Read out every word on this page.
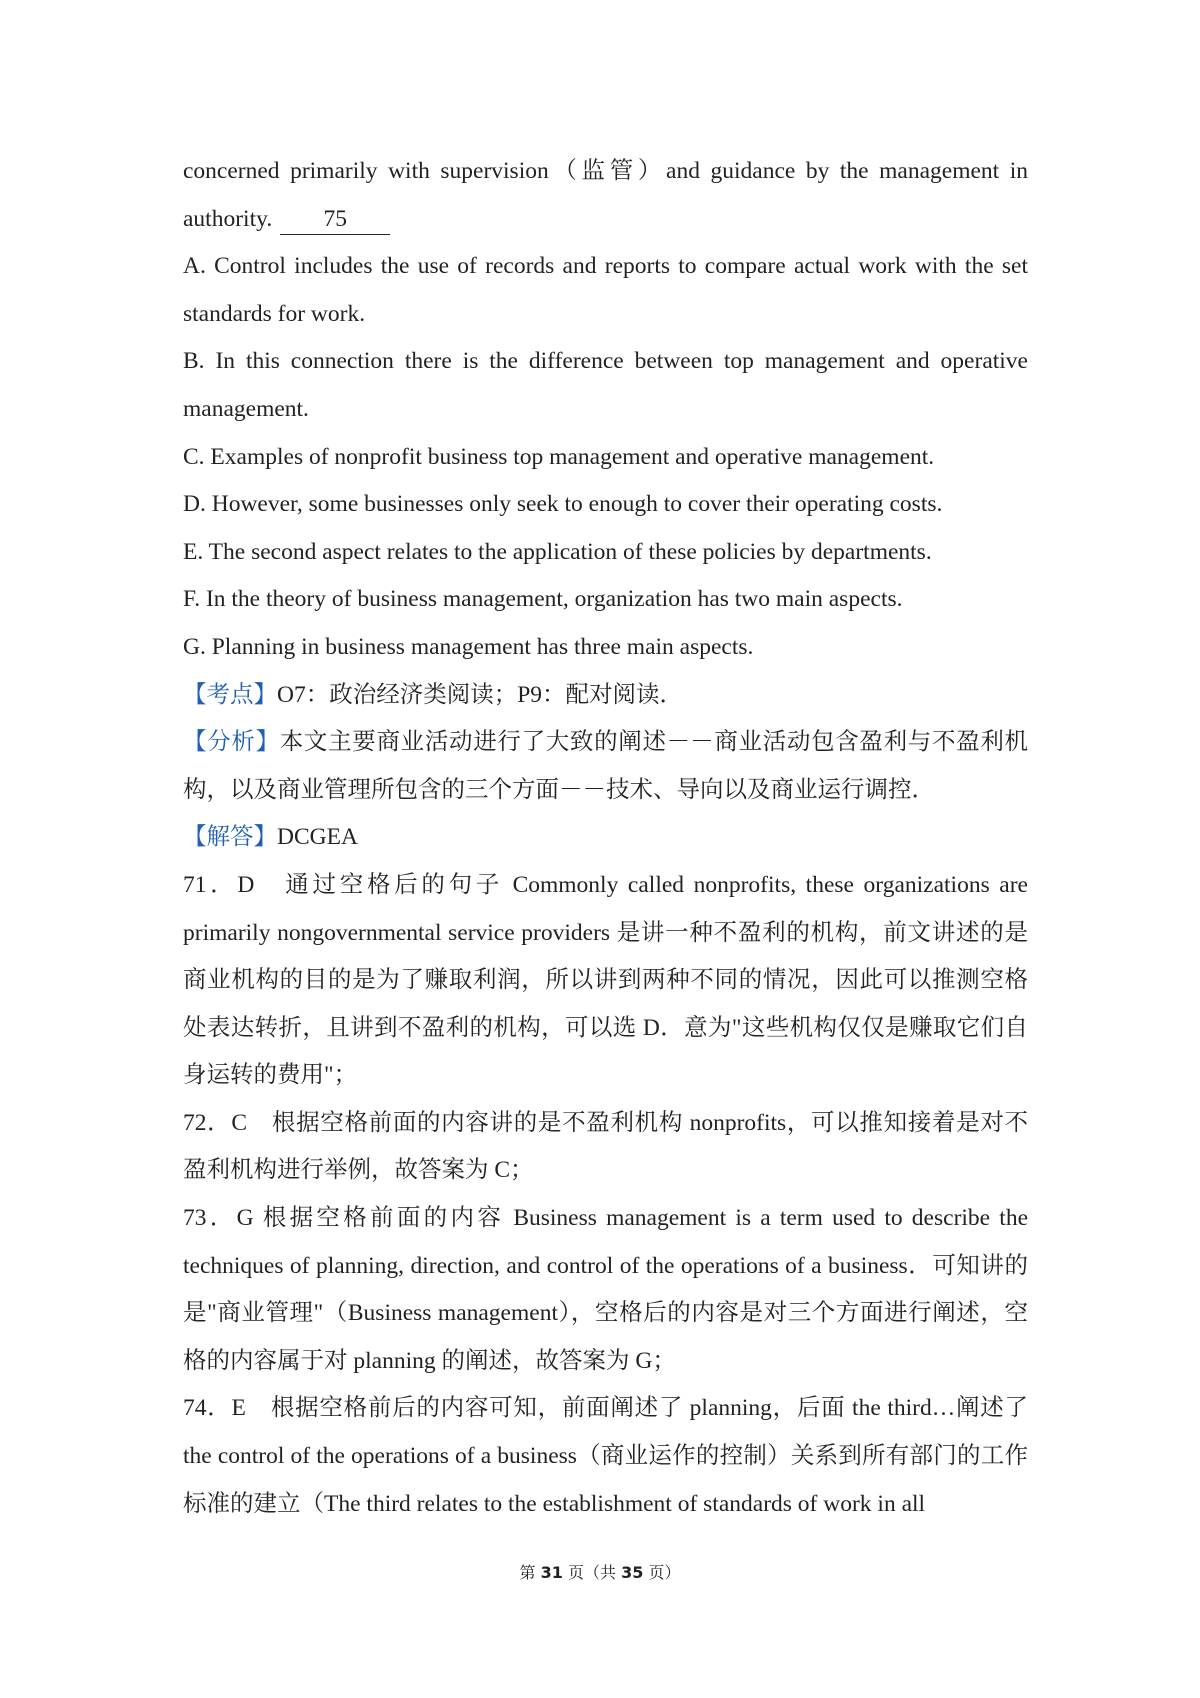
concerned primarily with supervision（监管）and guidance by the management in authority. 75

A. Control includes the use of records and reports to compare actual work with the set standards for work.

B. In this connection there is the difference between top management and operative management.

C. Examples of nonprofit business top management and operative management.

D. However, some businesses only seek to enough to cover their operating costs.

E. The second aspect relates to the application of these policies by departments.

F. In the theory of business management, organization has two main aspects.

G. Planning in business management has three main aspects.

【考点】O7：政治经济类阅读；P9：配对阅读．

【分析】本文主要商业活动进行了大致的阐述－－商业活动包含盈利与不盈利机构，以及商业管理所包含的三个方面－－技术、导向以及商业运行调控．

【解答】DCGEA

71．D　通过空格后的句子 Commonly called nonprofits, these organizations are primarily nongovernmental service providers 是讲一种不盈利的机构，前文讲述的是商业机构的目的是为了赚取利润，所以讲到两种不同的情况，因此可以推测空格处表达转折，且讲到不盈利的机构，可以选 D．意为"这些机构仅仅是赚取它们自身运转的费用"；

72．C　根据空格前面的内容讲的是不盈利机构 nonprofits，可以推知接着是对不盈利机构进行举例，故答案为 C；

73．G 根据空格前面的内容 Business management is a term used to describe the techniques of planning, direction, and control of the operations of a business．可知讲的是"商业管理"（Business management），空格后的内容是对三个方面进行阐述，空格的内容属于对 planning 的阐述，故答案为 G；

74．E　根据空格前后的内容可知，前面阐述了 planning，后面 the third…阐述了 the control of the operations of a business（商业运作的控制）关系到所有部门的工作标准的建立（The third relates to the establishment of standards of work in all

第 31 页（共 35 页）
